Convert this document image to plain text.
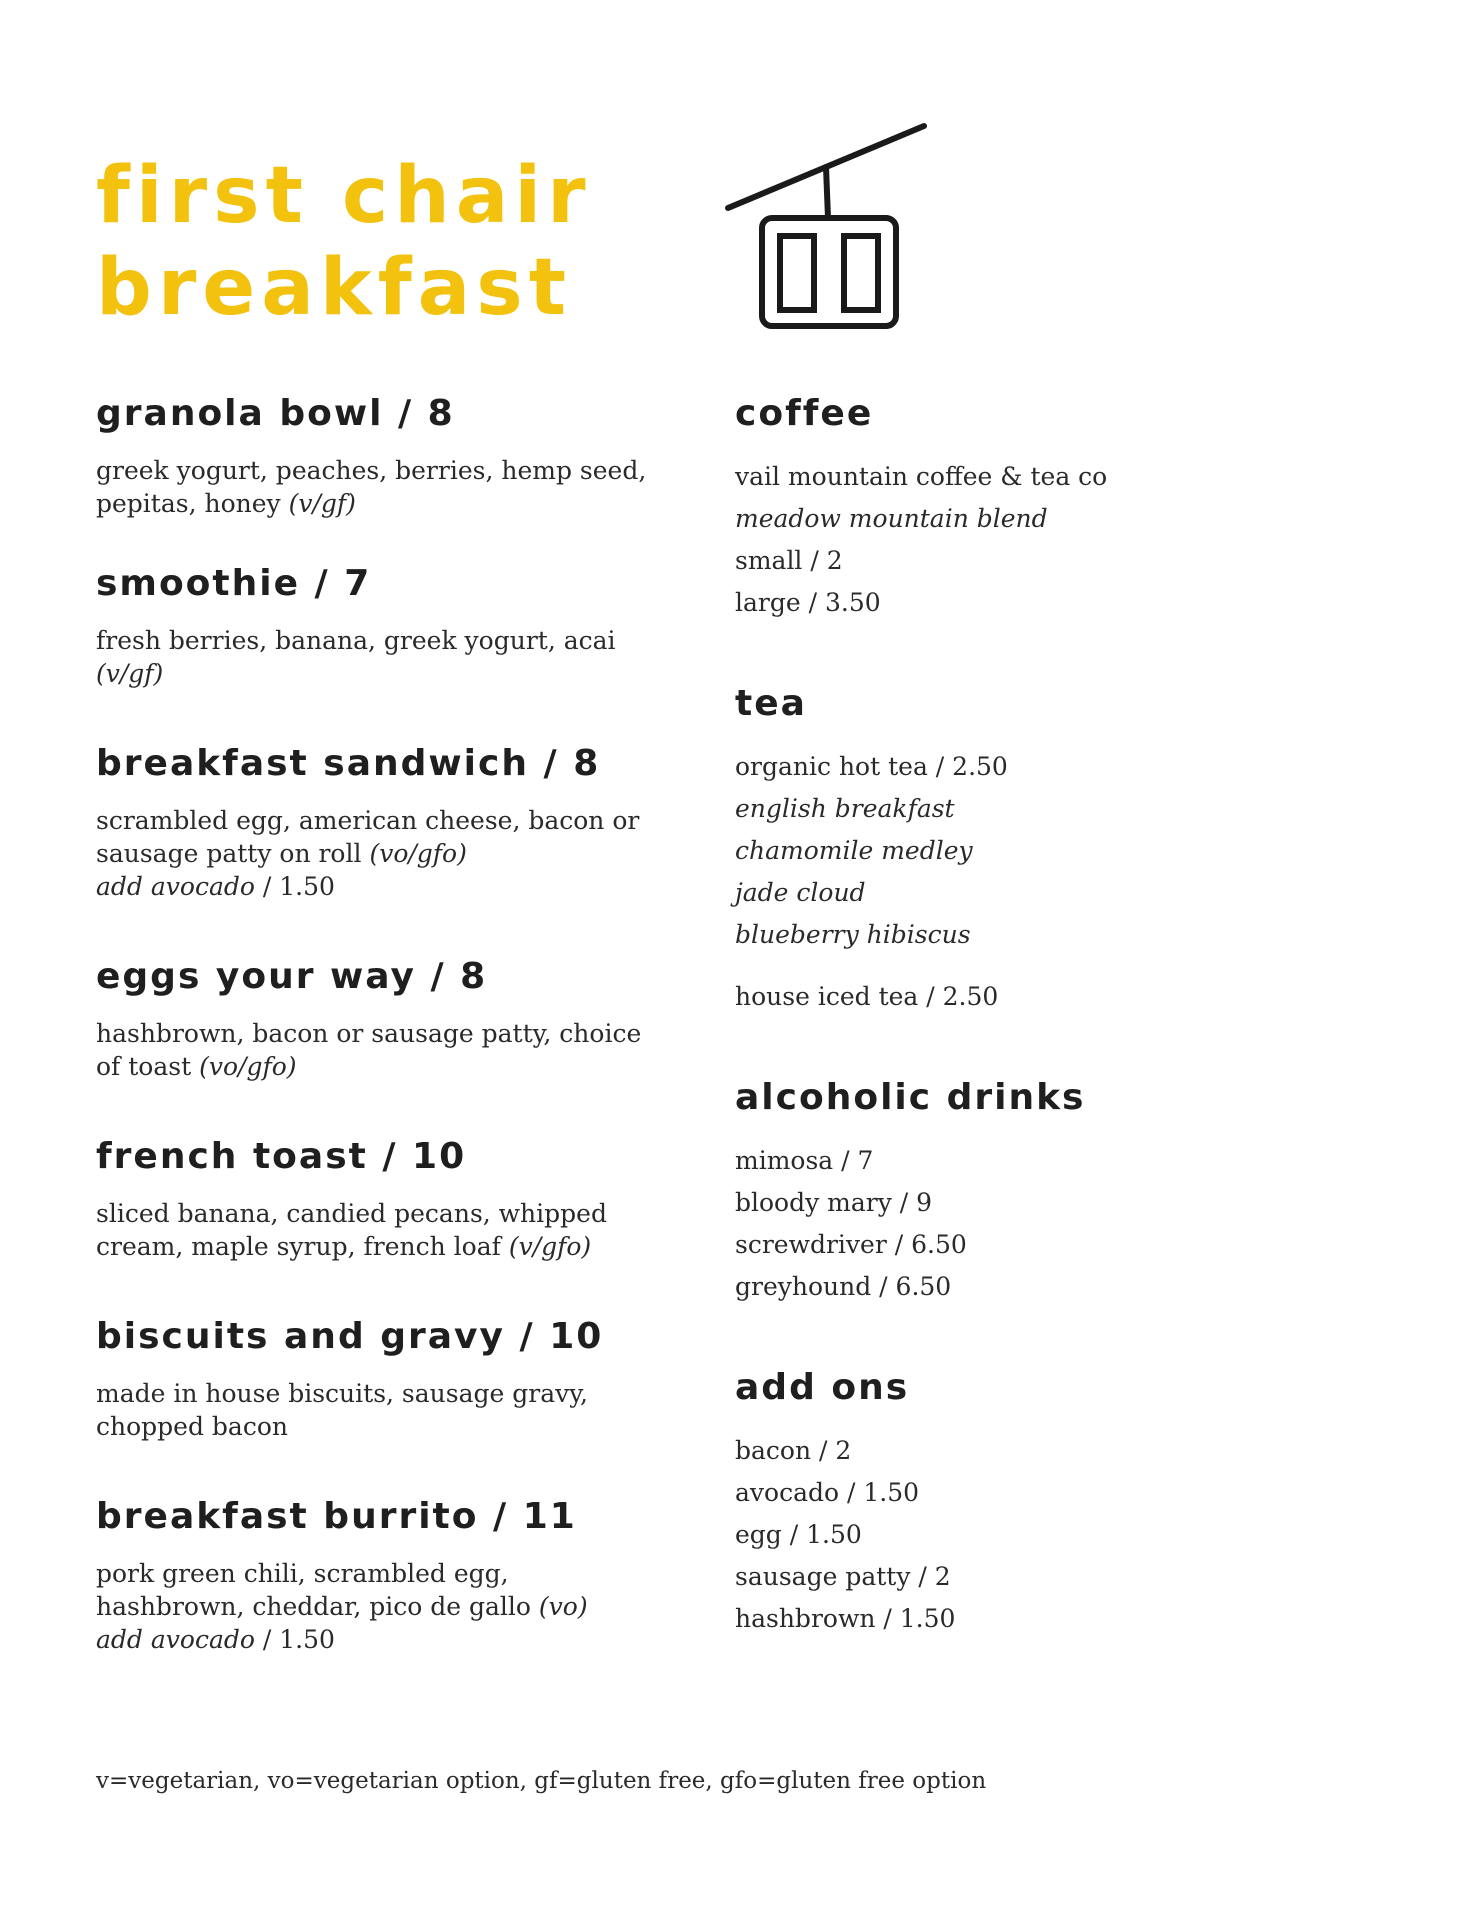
first chair
breakfast
granola bowl / 8

greek yogurt, peaches, berries, hemp seed, pepitas, honey (v/gf)

smoothie / 7

fresh berries, banana, greek yogurt, acai (v/gf)

breakfast sandwich / 8

scrambled egg, american cheese, bacon or sausage patty on roll (vo/gfo)

add avocado / 1.50

eggs your way / 8

hashbrown, bacon or sausage patty, choice of toast (vo/gfo)

french toast / 10

sliced banana, candied pecans, whipped cream, maple syrup, french loaf (v/gfo)

biscuits and gravy / 10

made in house biscuits, sausage gravy, chopped bacon

breakfast burrito / 11

pork green chili, scrambled egg, hashbrown, cheddar, pico de gallo (vo)

add avocado / 1.50

coffee
vail mountain coffee & tea co
meadow mountain blend
small / 2
large / 3.50
tea
organic hot tea / 2.50
english breakfast
chamomile medley
jade cloud
blueberry hibiscus
house iced tea / 2.50
alcoholic drinks
mimosa / 7
bloody mary / 9
screwdriver / 6.50
greyhound / 6.50
add ons
bacon / 2
avocado / 1.50
egg / 1.50
sausage patty / 2
hashbrown / 1.50

v=vegetarian, vo=vegetarian option, gf=gluten free, gfo=gluten free option
